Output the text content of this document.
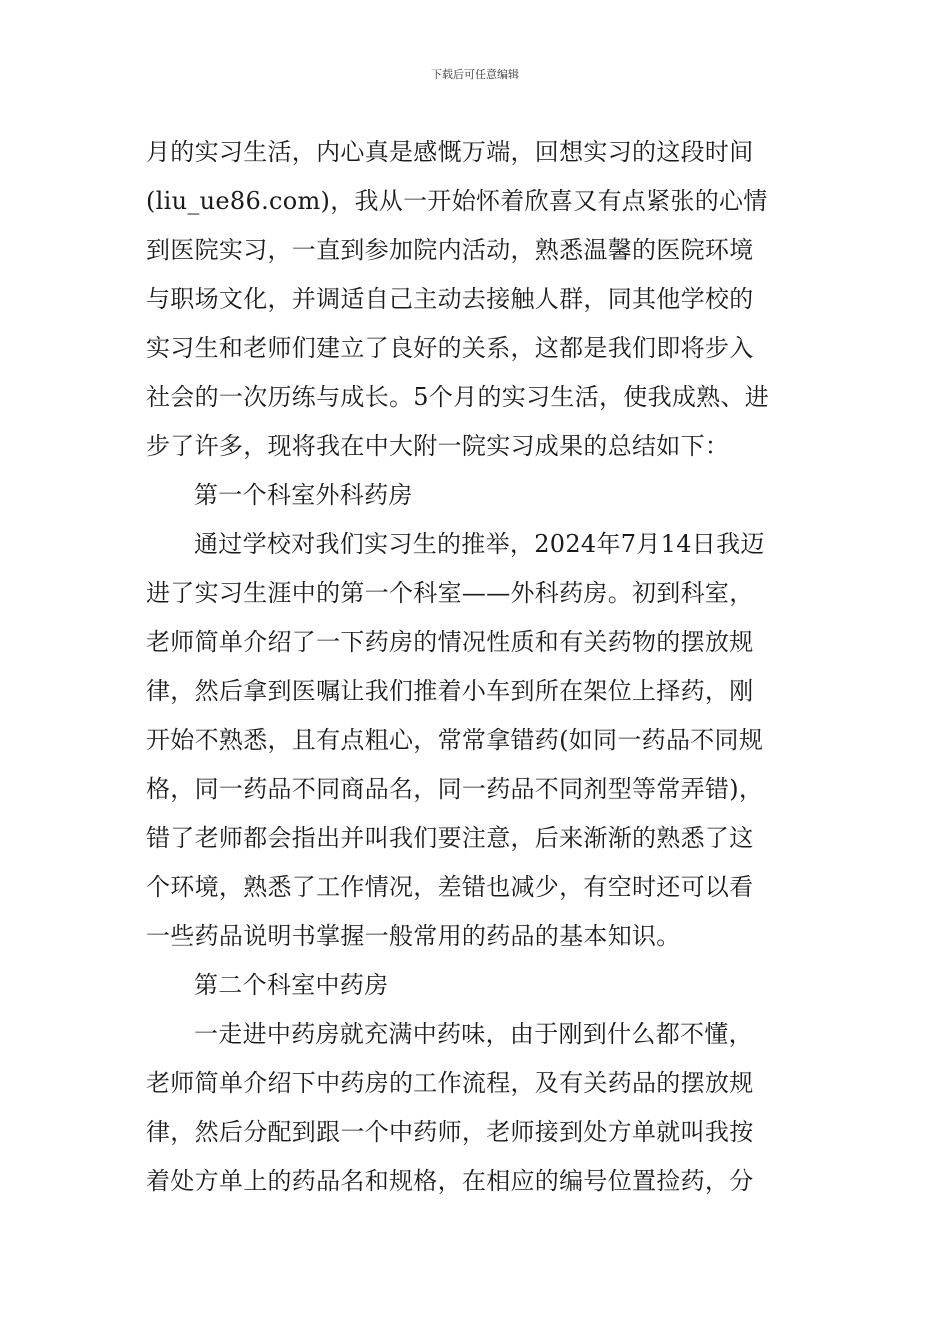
下载后可任意编辑
月的实习生活，内心真是感慨万端，回想实习的这段时间
(liu_ue86.com)，我从一开始怀着欣喜又有点紧张的心情
到医院实习，一直到参加院内活动，熟悉温馨的医院环境
与职场文化，并调适自己主动去接触人群，同其他学校的
实习生和老师们建立了良好的关系，这都是我们即将步入
社会的一次历练与成长。5个月的实习生活，使我成熟、进
步了许多，现将我在中大附一院实习成果的总结如下：
第一个科室外科药房
通过学校对我们实习生的推举，2024年7月14日我迈
进了实习生涯中的第一个科室——外科药房。初到科室，
老师简单介绍了一下药房的情况性质和有关药物的摆放规
律，然后拿到医嘱让我们推着小车到所在架位上择药，刚
开始不熟悉，且有点粗心，常常拿错药(如同一药品不同规
格，同一药品不同商品名，同一药品不同剂型等常弄错)，
错了老师都会指出并叫我们要注意，后来渐渐的熟悉了这
个环境，熟悉了工作情况，差错也减少，有空时还可以看
一些药品说明书掌握一般常用的药品的基本知识。
第二个科室中药房
一走进中药房就充满中药味，由于刚到什么都不懂，
老师简单介绍下中药房的工作流程，及有关药品的摆放规
律，然后分配到跟一个中药师，老师接到处方单就叫我按
着处方单上的药品名和规格，在相应的编号位置捡药，分
